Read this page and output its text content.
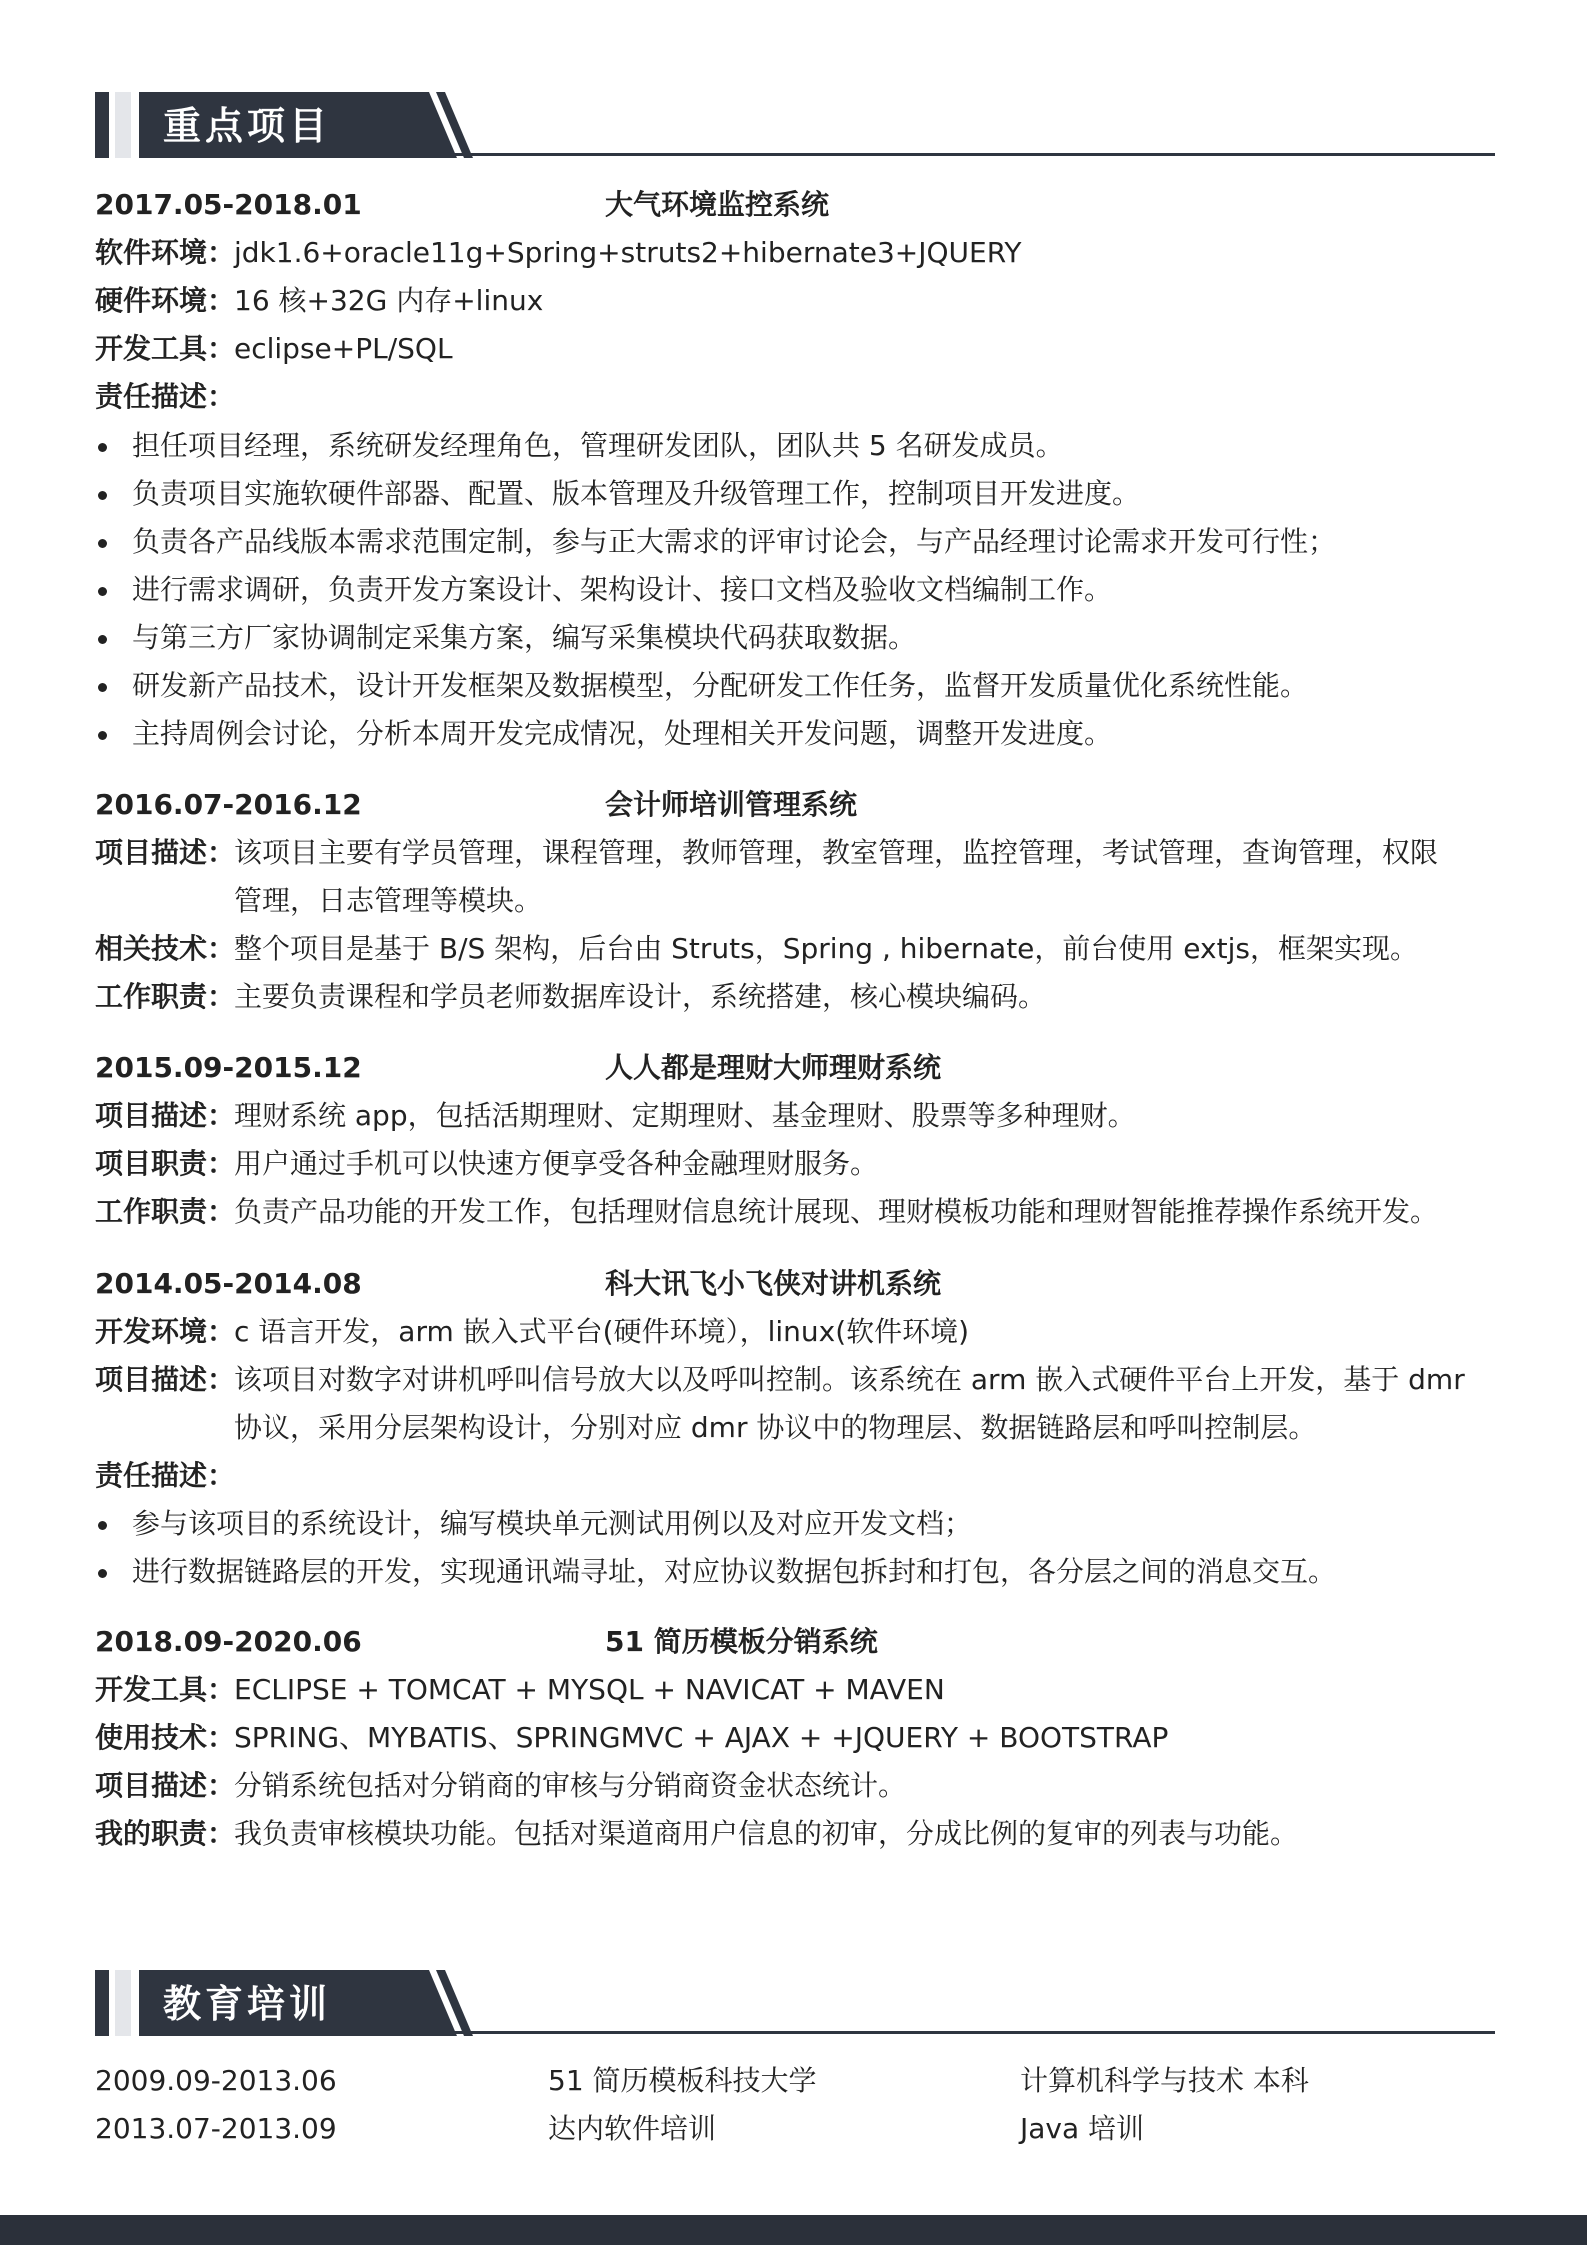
重点项目
2017.05-2018.01	大气环境监控系统
软件环境：
jdk1.6+oracle11g+Spring+struts2+hibernate3+JQUERY
硬件环境：
16 核+32G 内存+linux
开发工具：
eclipse+PL/SQL
责任描述：
担任项目经理，系统研发经理角色，管理研发团队，团队共 5 名研发成员。
负责项目实施软硬件部器、配置、版本管理及升级管理工作，控制项目开发进度。
负责各产品线版本需求范围定制，参与正大需求的评审讨论会，与产品经理讨论需求开发可行性；
进行需求调研，负责开发方案设计、架构设计、接口文档及验收文档编制工作。
与第三方厂家协调制定采集方案，编写采集模块代码获取数据。
研发新产品技术，设计开发框架及数据模型，分配研发工作任务，监督开发质量优化系统性能。
主持周例会讨论，分析本周开发完成情况，处理相关开发问题，调整开发进度。
2016.07-2016.12	会计师培训管理系统
项目描述：
该项目主要有学员管理，课程管理，教师管理，教室管理，监控管理，考试管理，查询管理，权限
管理，日志管理等模块。
相关技术：
整个项目是基于 B/S 架构，后台由 Struts，Spring , hibernate，前台使用 extjs，框架实现。
工作职责：
主要负责课程和学员老师数据库设计，系统搭建，核心模块编码。
2015.09-2015.12	人人都是理财大师理财系统
项目描述：
理财系统 app，包括活期理财、定期理财、基金理财、股票等多种理财。
项目职责：
用户通过手机可以快速方便享受各种金融理财服务。
工作职责：
负责产品功能的开发工作，包括理财信息统计展现、理财模板功能和理财智能推荐操作系统开发。
2014.05-2014.08	科大讯飞小飞侠对讲机系统
开发环境：
c 语言开发，arm 嵌入式平台(硬件环境），linux(软件环境)
项目描述：
该项目对数字对讲机呼叫信号放大以及呼叫控制。该系统在 arm 嵌入式硬件平台上开发，基于 dmr
协议，采用分层架构设计，分别对应 dmr 协议中的物理层、数据链路层和呼叫控制层。
责任描述：
参与该项目的系统设计，编写模块单元测试用例以及对应开发文档；
进行数据链路层的开发，实现通讯端寻址，对应协议数据包拆封和打包，各分层之间的消息交互。
2018.09-2020.06	51 简历模板分销系统
开发工具：
ECLIPSE + TOMCAT + MYSQL + NAVICAT + MAVEN
使用技术：
SPRING、MYBATIS、SPRINGMVC + AJAX + +JQUERY + BOOTSTRAP
项目描述：
分销系统包括对分销商的审核与分销商资金状态统计。
我的职责：
我负责审核模块功能。包括对渠道商用户信息的初审，分成比例的复审的列表与功能。
教育培训
2009.09-2013.06	51 简历模板科技大学	计算机科学与技术 本科
2013.07-2013.09	达内软件培训	Java 培训
